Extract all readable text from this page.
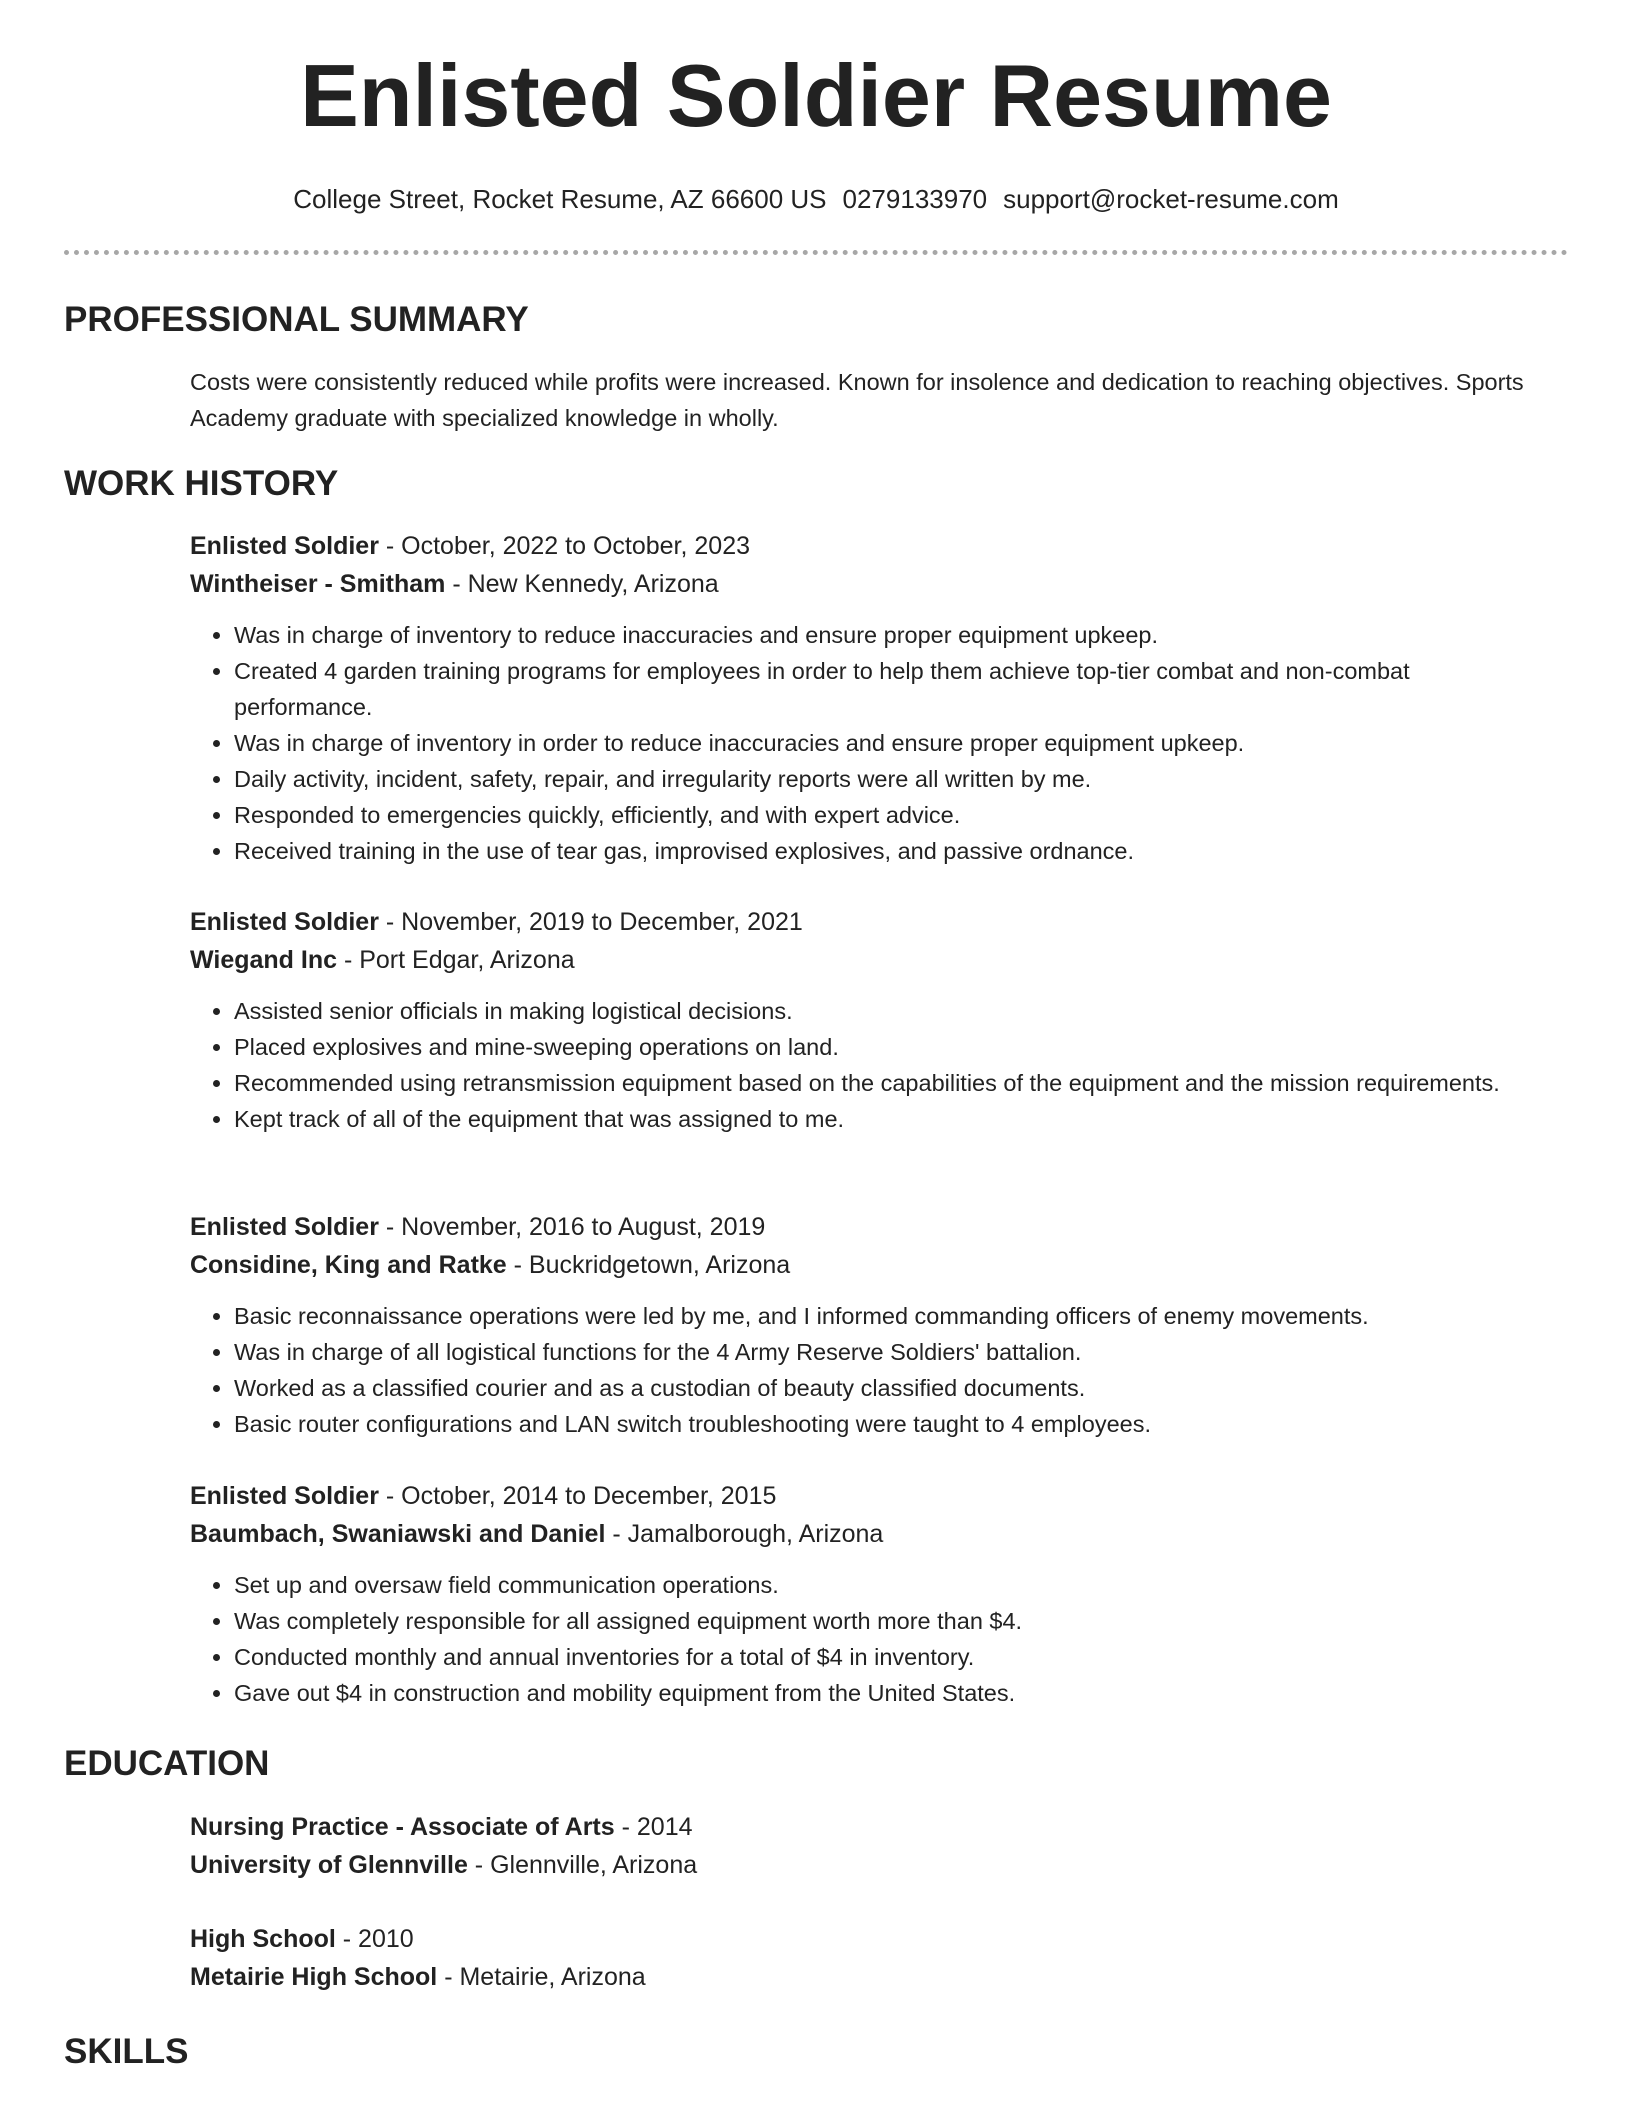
Enlisted Soldier Resume
College Street, Rocket Resume, AZ 66600 US 0279133970 support@rocket-resume.com
PROFESSIONAL SUMMARY
Costs were consistently reduced while profits were increased. Known for insolence and dedication to reaching objectives. Sports Academy graduate with specialized knowledge in wholly.
WORK HISTORY
Enlisted Soldier - October, 2022 to October, 2023
Wintheiser - Smitham - New Kennedy, Arizona
• Was in charge of inventory to reduce inaccuracies and ensure proper equipment upkeep.
• Created 4 garden training programs for employees in order to help them achieve top-tier combat and non-combat performance.
• Was in charge of inventory in order to reduce inaccuracies and ensure proper equipment upkeep.
• Daily activity, incident, safety, repair, and irregularity reports were all written by me.
• Responded to emergencies quickly, efficiently, and with expert advice.
• Received training in the use of tear gas, improvised explosives, and passive ordnance.
Enlisted Soldier - November, 2019 to December, 2021
Wiegand Inc - Port Edgar, Arizona
• Assisted senior officials in making logistical decisions.
• Placed explosives and mine-sweeping operations on land.
• Recommended using retransmission equipment based on the capabilities of the equipment and the mission requirements.
• Kept track of all of the equipment that was assigned to me.
Enlisted Soldier - November, 2016 to August, 2019
Considine, King and Ratke - Buckridgetown, Arizona
• Basic reconnaissance operations were led by me, and I informed commanding officers of enemy movements.
• Was in charge of all logistical functions for the 4 Army Reserve Soldiers' battalion.
• Worked as a classified courier and as a custodian of beauty classified documents.
• Basic router configurations and LAN switch troubleshooting were taught to 4 employees.
Enlisted Soldier - October, 2014 to December, 2015
Baumbach, Swaniawski and Daniel - Jamalborough, Arizona
• Set up and oversaw field communication operations.
• Was completely responsible for all assigned equipment worth more than $4.
• Conducted monthly and annual inventories for a total of $4 in inventory.
• Gave out $4 in construction and mobility equipment from the United States.
EDUCATION
Nursing Practice - Associate of Arts - 2014
University of Glennville - Glennville, Arizona
High School - 2010
Metairie High School - Metairie, Arizona
SKILLS
